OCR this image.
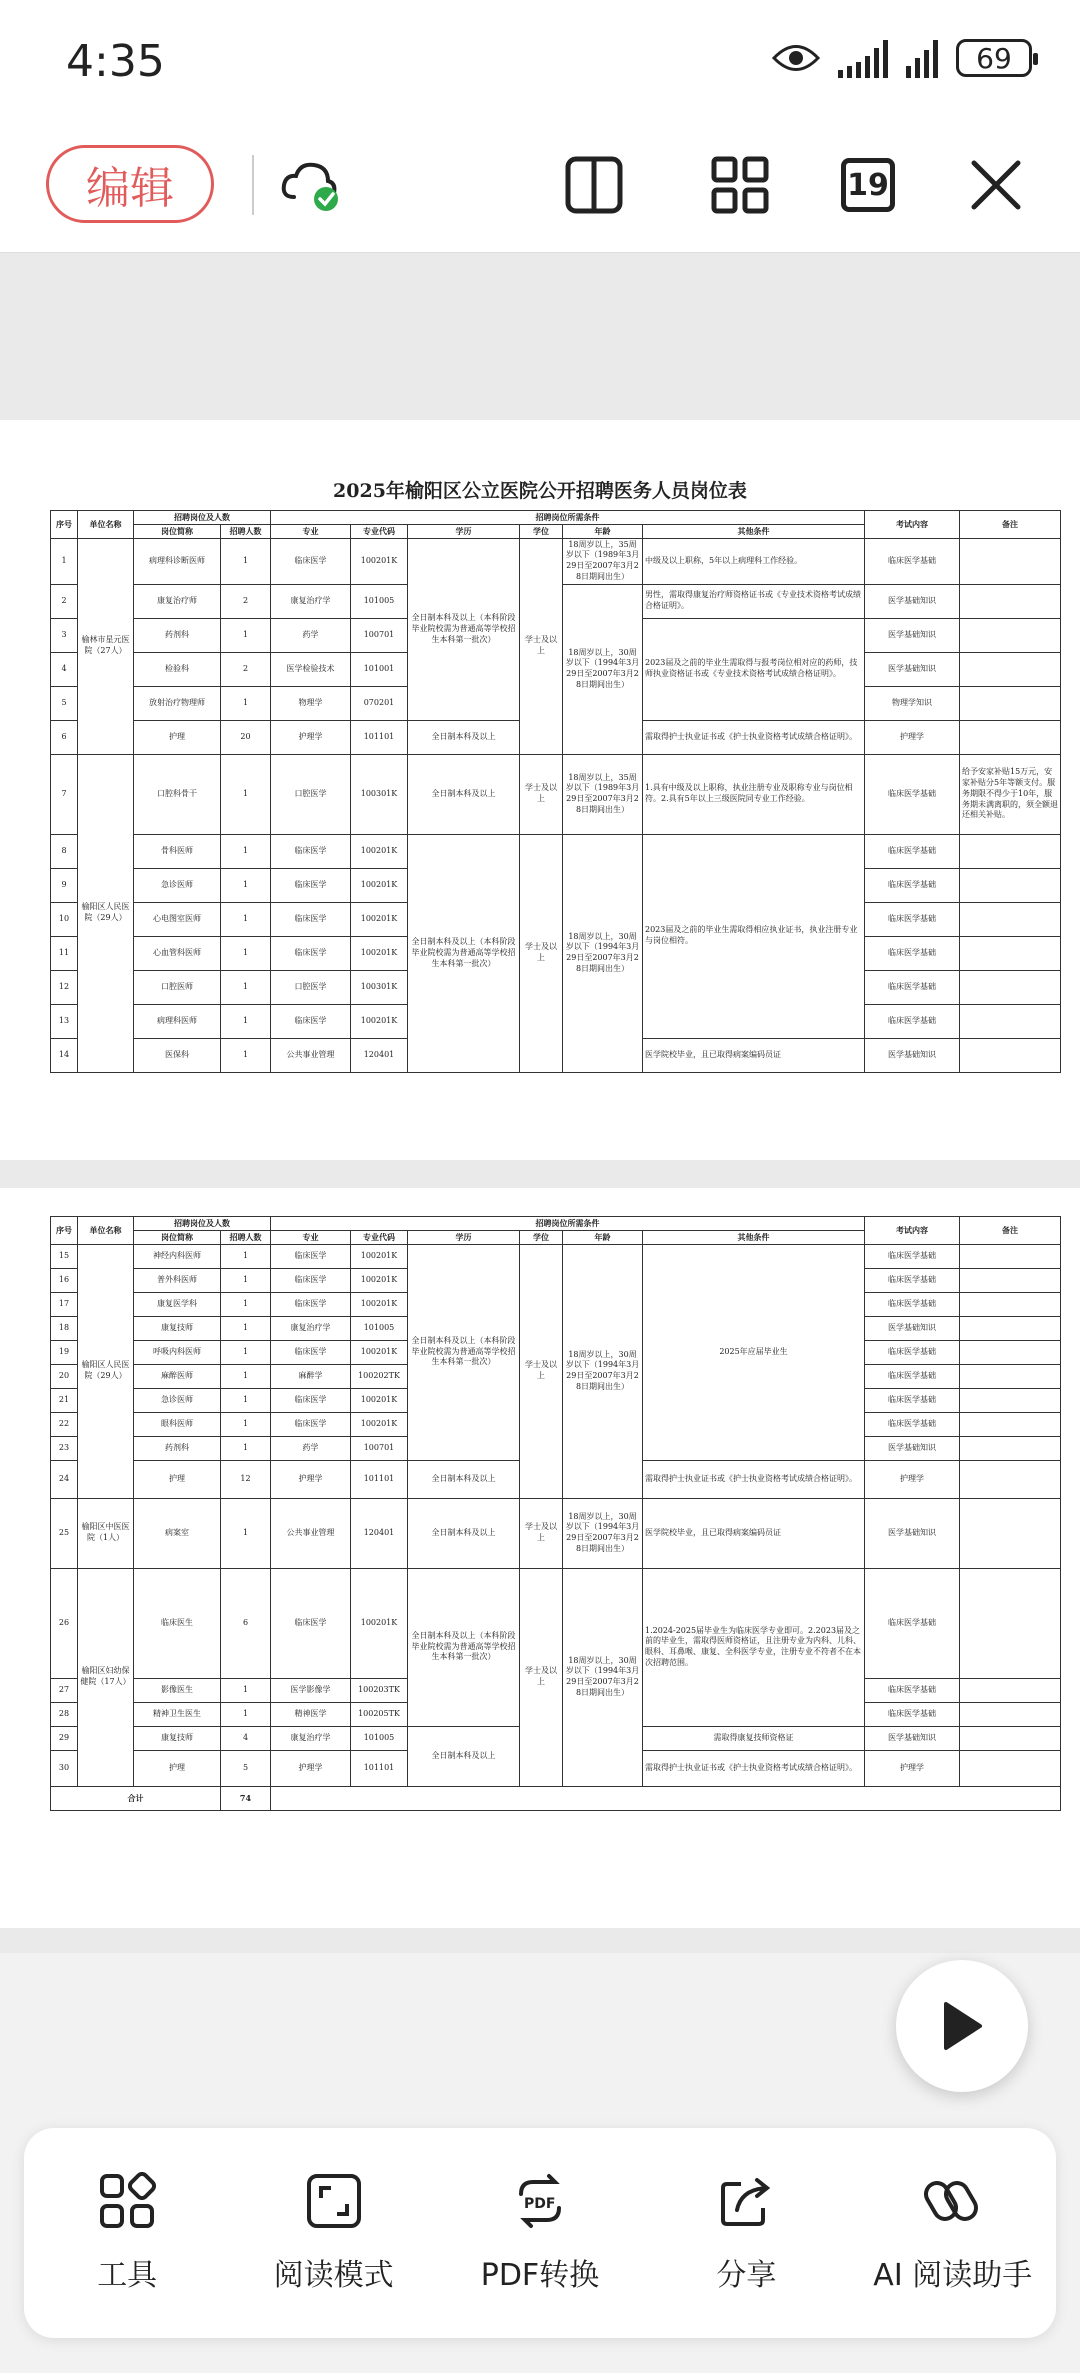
4:35	69
编辑	19
2025年榆阳区公立医院公开招聘医务人员岗位表
序号	单位名称	招聘岗位及人数		招聘岗位所需条件						考试内容	备注
		岗位简称	招聘人数	专业	专业代码	学历	学位	年龄	其他条件		
1	榆林市星元医院（27人）	病理科诊断医师	1	临床医学	100201K	全日制本科及以上（本科阶段毕业院校需为普通高等学校招生本科第一批次）	学士及以上	18周岁以上，35周岁以下（1989年3月29日至2007年3月28日期间出生）	中级及以上职称，5年以上病理科工作经验。	临床医学基础	
2		康复治疗师	2	康复治疗学	101005			18周岁以上，30周岁以下（1994年3月29日至2007年3月28日期间出生）	男性，需取得康复治疗师资格证书或《专业技术资格考试成绩合格证明》。	医学基础知识	
3		药剂科	1	药学	100701				2023届及之前的毕业生需取得与报考岗位相对应的药师，技师执业资格证书或《专业技术资格考试成绩合格证明》。	医学基础知识	
4		检验科	2	医学检验技术	101001					医学基础知识	
5		放射治疗物理师	1	物理学	070201					物理学知识	
6		护理	20	护理学	101101	全日制本科及以上			需取得护士执业证书或《护士执业资格考试成绩合格证明》。	护理学	
7	榆阳区人民医院（29人）	口腔科骨干	1	口腔医学	100301K	全日制本科及以上	学士及以上	18周岁以上，35周岁以下（1989年3月29日至2007年3月28日期间出生）	1.具有中级及以上职称，执业注册专业及职称专业与岗位相符。2.具有5年以上三级医院同专业工作经验。	临床医学基础	给予安家补贴15万元，安家补贴分5年等额支付。服务期限不得少于10年，服务期未满离职的，须全额退还相关补贴。
8		骨科医师	1	临床医学	100201K	全日制本科及以上（本科阶段毕业院校需为普通高等学校招生本科第一批次）	学士及以上	18周岁以上，30周岁以下（1994年3月29日至2007年3月28日期间出生）	2023届及之前的毕业生需取得相应执业证书，执业注册专业与岗位相符。	临床医学基础	
9		急诊医师	1	临床医学	100201K					临床医学基础	
10		心电图室医师	1	临床医学	100201K					临床医学基础	
11		心血管科医师	1	临床医学	100201K					临床医学基础	
12		口腔医师	1	口腔医学	100301K					临床医学基础	
13		病理科医师	1	临床医学	100201K					临床医学基础	
14		医保科	1	公共事业管理	120401				医学院校毕业，且已取得病案编码员证	医学基础知识	
序号	单位名称	招聘岗位及人数		招聘岗位所需条件						考试内容	备注
		岗位简称	招聘人数	专业	专业代码	学历	学位	年龄	其他条件		
15	榆阳区人民医院（29人）	神经内科医师	1	临床医学	100201K	全日制本科及以上（本科阶段毕业院校需为普通高等学校招生本科第一批次）	学士及以上	18周岁以上，30周岁以下（1994年3月29日至2007年3月28日期间出生）	2025年应届毕业生	临床医学基础	
16		普外科医师	1	临床医学	100201K					临床医学基础	
17		康复医学科	1	临床医学	100201K					临床医学基础	
18		康复技师	1	康复治疗学	101005					医学基础知识	
19		呼吸内科医师	1	临床医学	100201K					临床医学基础	
20		麻醉医师	1	麻醉学	100202TK					临床医学基础	
21		急诊医师	1	临床医学	100201K					临床医学基础	
22		眼科医师	1	临床医学	100201K					临床医学基础	
23		药剂科	1	药学	100701					医学基础知识	
24		护理	12	护理学	101101	全日制本科及以上			需取得护士执业证书或《护士执业资格考试成绩合格证明》。	护理学	
25	榆阳区中医医院（1人）	病案室	1	公共事业管理	120401	全日制本科及以上	学士及以上	18周岁以上，30周岁以下（1994年3月29日至2007年3月28日期间出生）	医学院校毕业，且已取得病案编码员证	医学基础知识	
26	榆阳区妇幼保健院（17人）	临床医生	6	临床医学	100201K	全日制本科及以上（本科阶段毕业院校需为普通高等学校招生本科第一批次）	学士及以上	18周岁以上，30周岁以下（1994年3月29日至2007年3月28日期间出生）	1.2024-2025届毕业生为临床医学专业即可。2.2023届及之前的毕业生，需取得医师资格证，且注册专业为内科、儿科、眼科、耳鼻喉、康复、全科医学专业，注册专业不符者不在本次招聘范围。	临床医学基础	
27		影像医生	1	医学影像学	100203TK					临床医学基础	
28		精神卫生医生	1	精神医学	100205TK					临床医学基础	
29		康复技师	4	康复治疗学	101005	全日制本科及以上			需取得康复技师资格证	医学基础知识	
30		护理	5	护理学	101101				需取得护士执业证书或《护士执业资格考试成绩合格证明》。	护理学	
合计			74								
工具	阅读模式
PDF
PDF转换	分享	AI 阅读助手
